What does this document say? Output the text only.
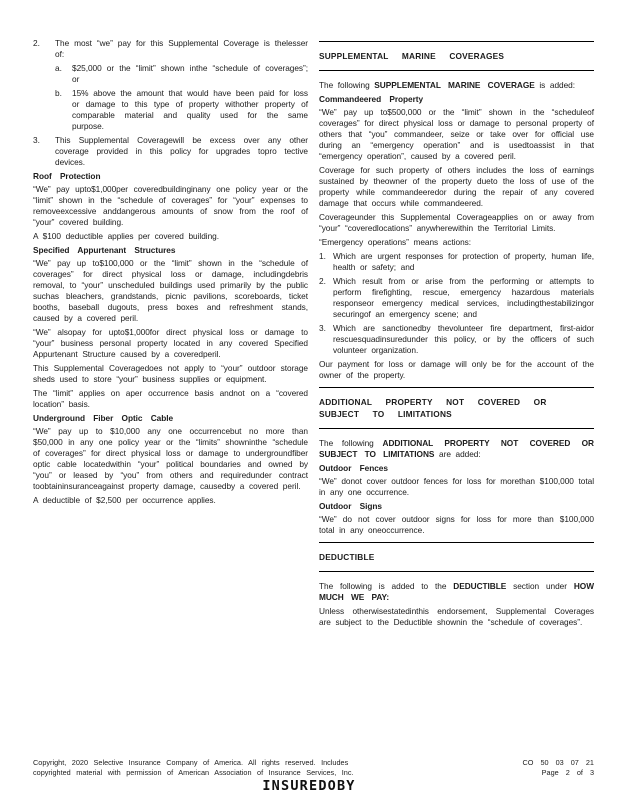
2.	The most “we” pay for this Supplemental Coverage is thelesser of:
a.	$25,000 or the “limit” shown inthe “schedule of coverages”; or
b.	15% above the amount that would have been paid for loss or damage to this type of property withother property of comparable material and quality used for the same purpose.
3.	This Supplemental Coveragewill be excess over any other coverage provided in this policy for upgrades topro tective devices.
Roof Protection

“We” pay upto$1,000per coveredbuildinginany one policy year or the “limit” shown in the “schedule of coverages” for “your” expenses to removeexcessive anddangerous amounts of snow from the roof of “your” covered building.

A $100 deductible applies per covered building.

Specified Appurtenant Structures

“We” pay up to$100,000 or the “limit” shown in the “schedule of coverages” for direct physical loss or damage, includingdebris removal, to “your” unscheduled buildings used primarily by the public suchas bleachers, grandstands, picnic pavilions, scoreboards, ticket booths, baseball dugouts, press boxes and refreshment stands, caused by a covered peril.

“We” alsopay for upto$1,000for direct physical loss or damage to “your” business personal property located in any covered Specified Appurtenant Structure caused by a coveredperil.

This Supplemental Coveragedoes not apply to “your” outdoor storage sheds used to store “your” business supplies or equipment.

The “limit” applies on aper occurrence basis andnot on a “covered location” basis.

Underground Fiber Optic Cable

“We” pay up to $10,000 any one occurrencebut no more than $50,000 in any one policy year or the “limits” showninthe “schedule of coverages” for direct physical loss or damage to undergroundfiber optic cable locatedwithin “your” political boundaries and owned by “you” or leased by “you” from others and requiredunder contract toobtaininsuranceagainst property damage, causedby a covered peril.

A deductible of $2,500 per occurrence applies.

SUPPLEMENTAL MARINE COVERAGES

The following SUPPLEMENTAL MARINE COVERAGE is added:

Commandeered Property

“We” pay up to$500,000 or the “limit” shown in the “scheduleof coverages” for direct physical loss or damage to personal property of others that “you” commandeer, seize or take over for official use during an “emergency operation” and is usedtoassist in that “emergency operation”, caused by a covered peril.

Coverage for such property of others includes the loss of earnings sustained by theowner of the property dueto the loss of use of the property while commandeeredor during the repair of any covered damage that occurs while commandeered.

Coverageunder this Supplemental Coverageapplies on or away from “your” “coveredlocations” anywherewithin the Territorial Limits.

“Emergency operations” means actions:

1. Which are urgent responses for protection of property, human life, health or safety; and
2. Which result from or arise from the performing or attempts to perform firefighting, rescue, emergency hazardous materials responseor emergency medical services, includingthestabilizingor securingof an emergency scene; and
3. Which are sanctionedby thevolunteer fire department, first-aidor rescuesquadinsuredunder this policy, or by the officers of such volunteer organization.

Our payment for loss or damage will only be for the account of the owner of the property.

ADDITIONAL PROPERTY NOT COVERED OR SUBJECT TO LIMITATIONS

The following ADDITIONAL PROPERTY NOT COVERED OR SUBJECT TO LIMITATIONS are added:

Outdoor Fences

“We” donot cover outdoor fences for loss for morethan $100,000 total in any one occurrence.

Outdoor Signs

“We” do not cover outdoor signs for loss for more than $100,000 total in any oneoccurrence.

DEDUCTIBLE

The following is added to the DEDUCTIBLE section under HOW MUCH WE PAY:

Unless otherwisestatedinthis endorsement, Supplemental Coverages are subject to the Deductible shownin the “schedule of coverages”.

Copyright, 2020 Selective Insurance Company of America. All rights reserved. Includes
copyrighted material with permission of American Association of Insurance Services, Inc.
CO 50 03 07 21
Page 2 of 3
INSUREDOBY
